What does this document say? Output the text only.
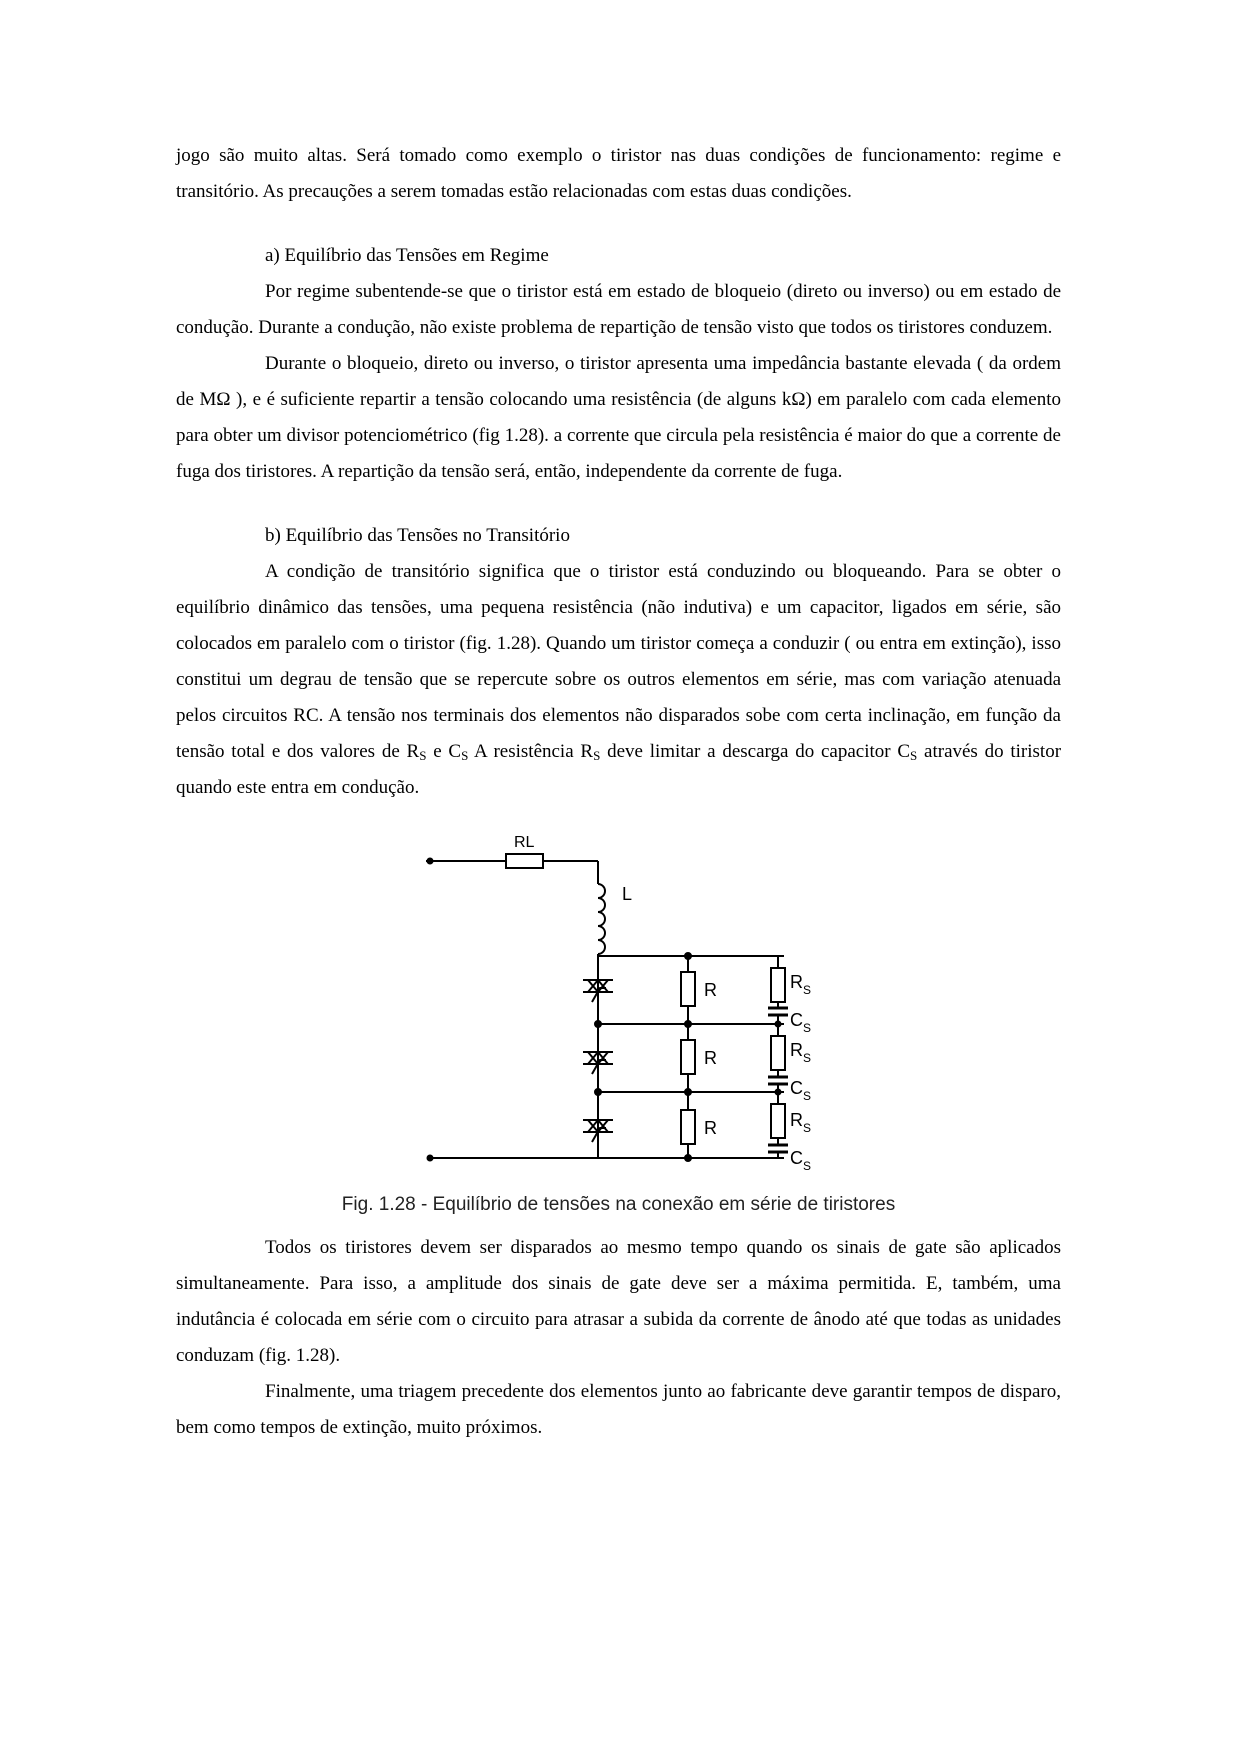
jogo são muito altas. Será tomado como exemplo o tiristor nas duas condições de funcionamento: regime e transitório. As precauções a serem tomadas estão relacionadas com estas duas condições.

a) Equilíbrio das Tensões em Regime

Por regime subentende-se que o tiristor está em estado de bloqueio (direto ou inverso) ou em estado de condução. Durante a condução, não existe problema de repartição de tensão visto que todos os tiristores conduzem.

Durante o bloqueio, direto ou inverso, o tiristor apresenta uma impedância bastante elevada ( da ordem de MΩ ), e é suficiente repartir a tensão colocando uma resistência (de alguns kΩ) em paralelo com cada elemento para obter um divisor potenciométrico (fig 1.28). a corrente que circula pela resistência é maior do que a corrente de fuga dos tiristores. A repartição da tensão será, então, independente da corrente de fuga.

b) Equilíbrio das Tensões no Transitório

A condição de transitório significa que o tiristor está conduzindo ou bloqueando. Para se obter o equilíbrio dinâmico das tensões, uma pequena resistência (não indutiva) e um capacitor, ligados em série, são colocados em paralelo com o tiristor (fig. 1.28). Quando um tiristor começa a conduzir ( ou entra em extinção), isso constitui um degrau de tensão que se repercute sobre os outros elementos em série, mas com variação atenuada pelos circuitos RC. A tensão nos terminais dos elementos não disparados sobe com certa inclinação, em função da tensão total e dos valores de $R_S$ e $C_S$ A resistência $R_S$ deve limitar a descarga do capacitor $C_S$ através do tiristor quando este entra em condução.

RL
L
R
R
R
$R_S$
$C_S$
$R_S$
$C_S$
$R_S$
$C_S$
Fig. 1.28 - Equilíbrio de tensões na conexão em série de tiristores

Todos os tiristores devem ser disparados ao mesmo tempo quando os sinais de gate são aplicados simultaneamente. Para isso, a amplitude dos sinais de gate deve ser a máxima permitida. E, também, uma indutância é colocada em série com o circuito para atrasar a subida da corrente de ânodo até que todas as unidades conduzam (fig. 1.28).

Finalmente, uma triagem precedente dos elementos junto ao fabricante deve garantir tempos de disparo, bem como tempos de extinção, muito próximos.
